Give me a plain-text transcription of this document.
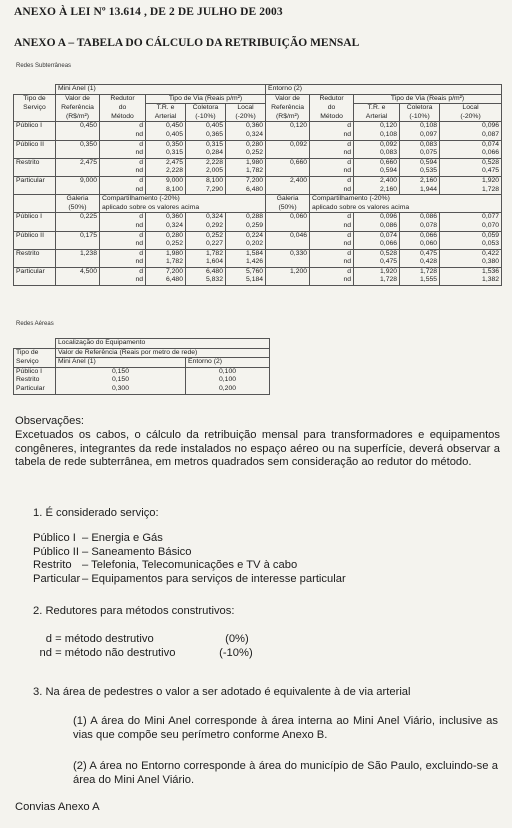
ANEXO À LEI Nº 13.614 , DE 2 DE JULHO DE 2003
ANEXO A – TABELA DO CÁLCULO DA RETRIBUIÇÃO MENSAL
Redes Subterrâneas
	Mini Anel (1)					Entorno (2)				
Tipo de	Valor de	Redutor	Tipo de Via (Reais p/m²)			Valor de	Redutor	Tipo de Via (Reais p/m²)		
Serviço	Referência	do	T.R. e	Coletora	Local	Referência	do	T.R. e	Coletora	Local
	(R$/m²)	Método	Arterial	(-10%)	(-20%)	(R$/m²)	Método	Arterial	(-10%)	(-20%)
Público I	0,450	d	0,450	0,405	0,360	0,120	d	0,120	0,108	0,096
		nd	0,405	0,365	0,324		nd	0,108	0,097	0,087
Público II	0,350	d	0,350	0,315	0,280	0,092	d	0,092	0,083	0,074
		nd	0,315	0,284	0,252		nd	0,083	0,075	0,066
Restrito	2,475	d	2,475	2,228	1,980	0,660	d	0,660	0,594	0,528
		nd	2,228	2,005	1,782		nd	0,594	0,535	0,475
Particular	9,000	d	9,000	8,100	7,200	2,400	d	2,400	2,160	1,920
		nd	8,100	7,290	6,480		nd	2,160	1,944	1,728
	Galeria	Compartilhamento (-20%)				Galeria	Compartilhamento (-20%)			
	(50%)	aplicado sobre os valores acima				(50%)	aplicado sobre os valores acima			
Público I	0,225	d	0,360	0,324	0,288	0,060	d	0,096	0,086	0,077
		nd	0,324	0,292	0,259		nd	0,086	0,078	0,070
Público II	0,175	d	0,280	0,252	0,224	0,046	d	0,074	0,066	0,059
		nd	0,252	0,227	0,202		nd	0,066	0,060	0,053
Restrito	1,238	d	1,980	1,782	1,584	0,330	d	0,528	0,475	0,422
		nd	1,782	1,604	1,426		nd	0,475	0,428	0,380
Particular	4,500	d	7,200	6,480	5,760	1,200	d	1,920	1,728	1,536
		nd	6,480	5,832	5,184		nd	1,728	1,555	1,382
Redes Aéreas
	Localização do Equipamento	
Tipo de	Valor de Referência (Reais por metro de rede)	
Serviço	Mini Anel (1)	Entorno (2)
Público I	0,150	0,100
Restrito	0,150	0,100
Particular	0,300	0,200
Observações:
Excetuados os cabos, o cálculo da retribuição mensal para transformadores e equipamentos congêneres, integrantes da rede instalados no espaço aéreo ou na superfície, deverá observar a tabela de rede subterrânea, em metros quadrados sem consideração ao redutor do método.
1. É considerado serviço:
Público I – Energia e Gás
Público II – Saneamento Básico
Restrito – Telefonia, Telecomunicações e TV à cabo
Particular – Equipamentos para serviços de interesse particular
2. Redutores para métodos construtivos:
d = método destrutivo	(0%)
nd = método não destrutivo	(-10%)
3. Na área de pedestres o valor a ser adotado é equivalente à de via arterial
(1) A área do Mini Anel corresponde à área interna ao Mini Anel Viário, inclusive as vias que compõe seu perímetro conforme Anexo B.
(2) A área no Entorno corresponde à área do município de São Paulo, excluindo-se a área do Mini Anel Viário.
Convias Anexo A
